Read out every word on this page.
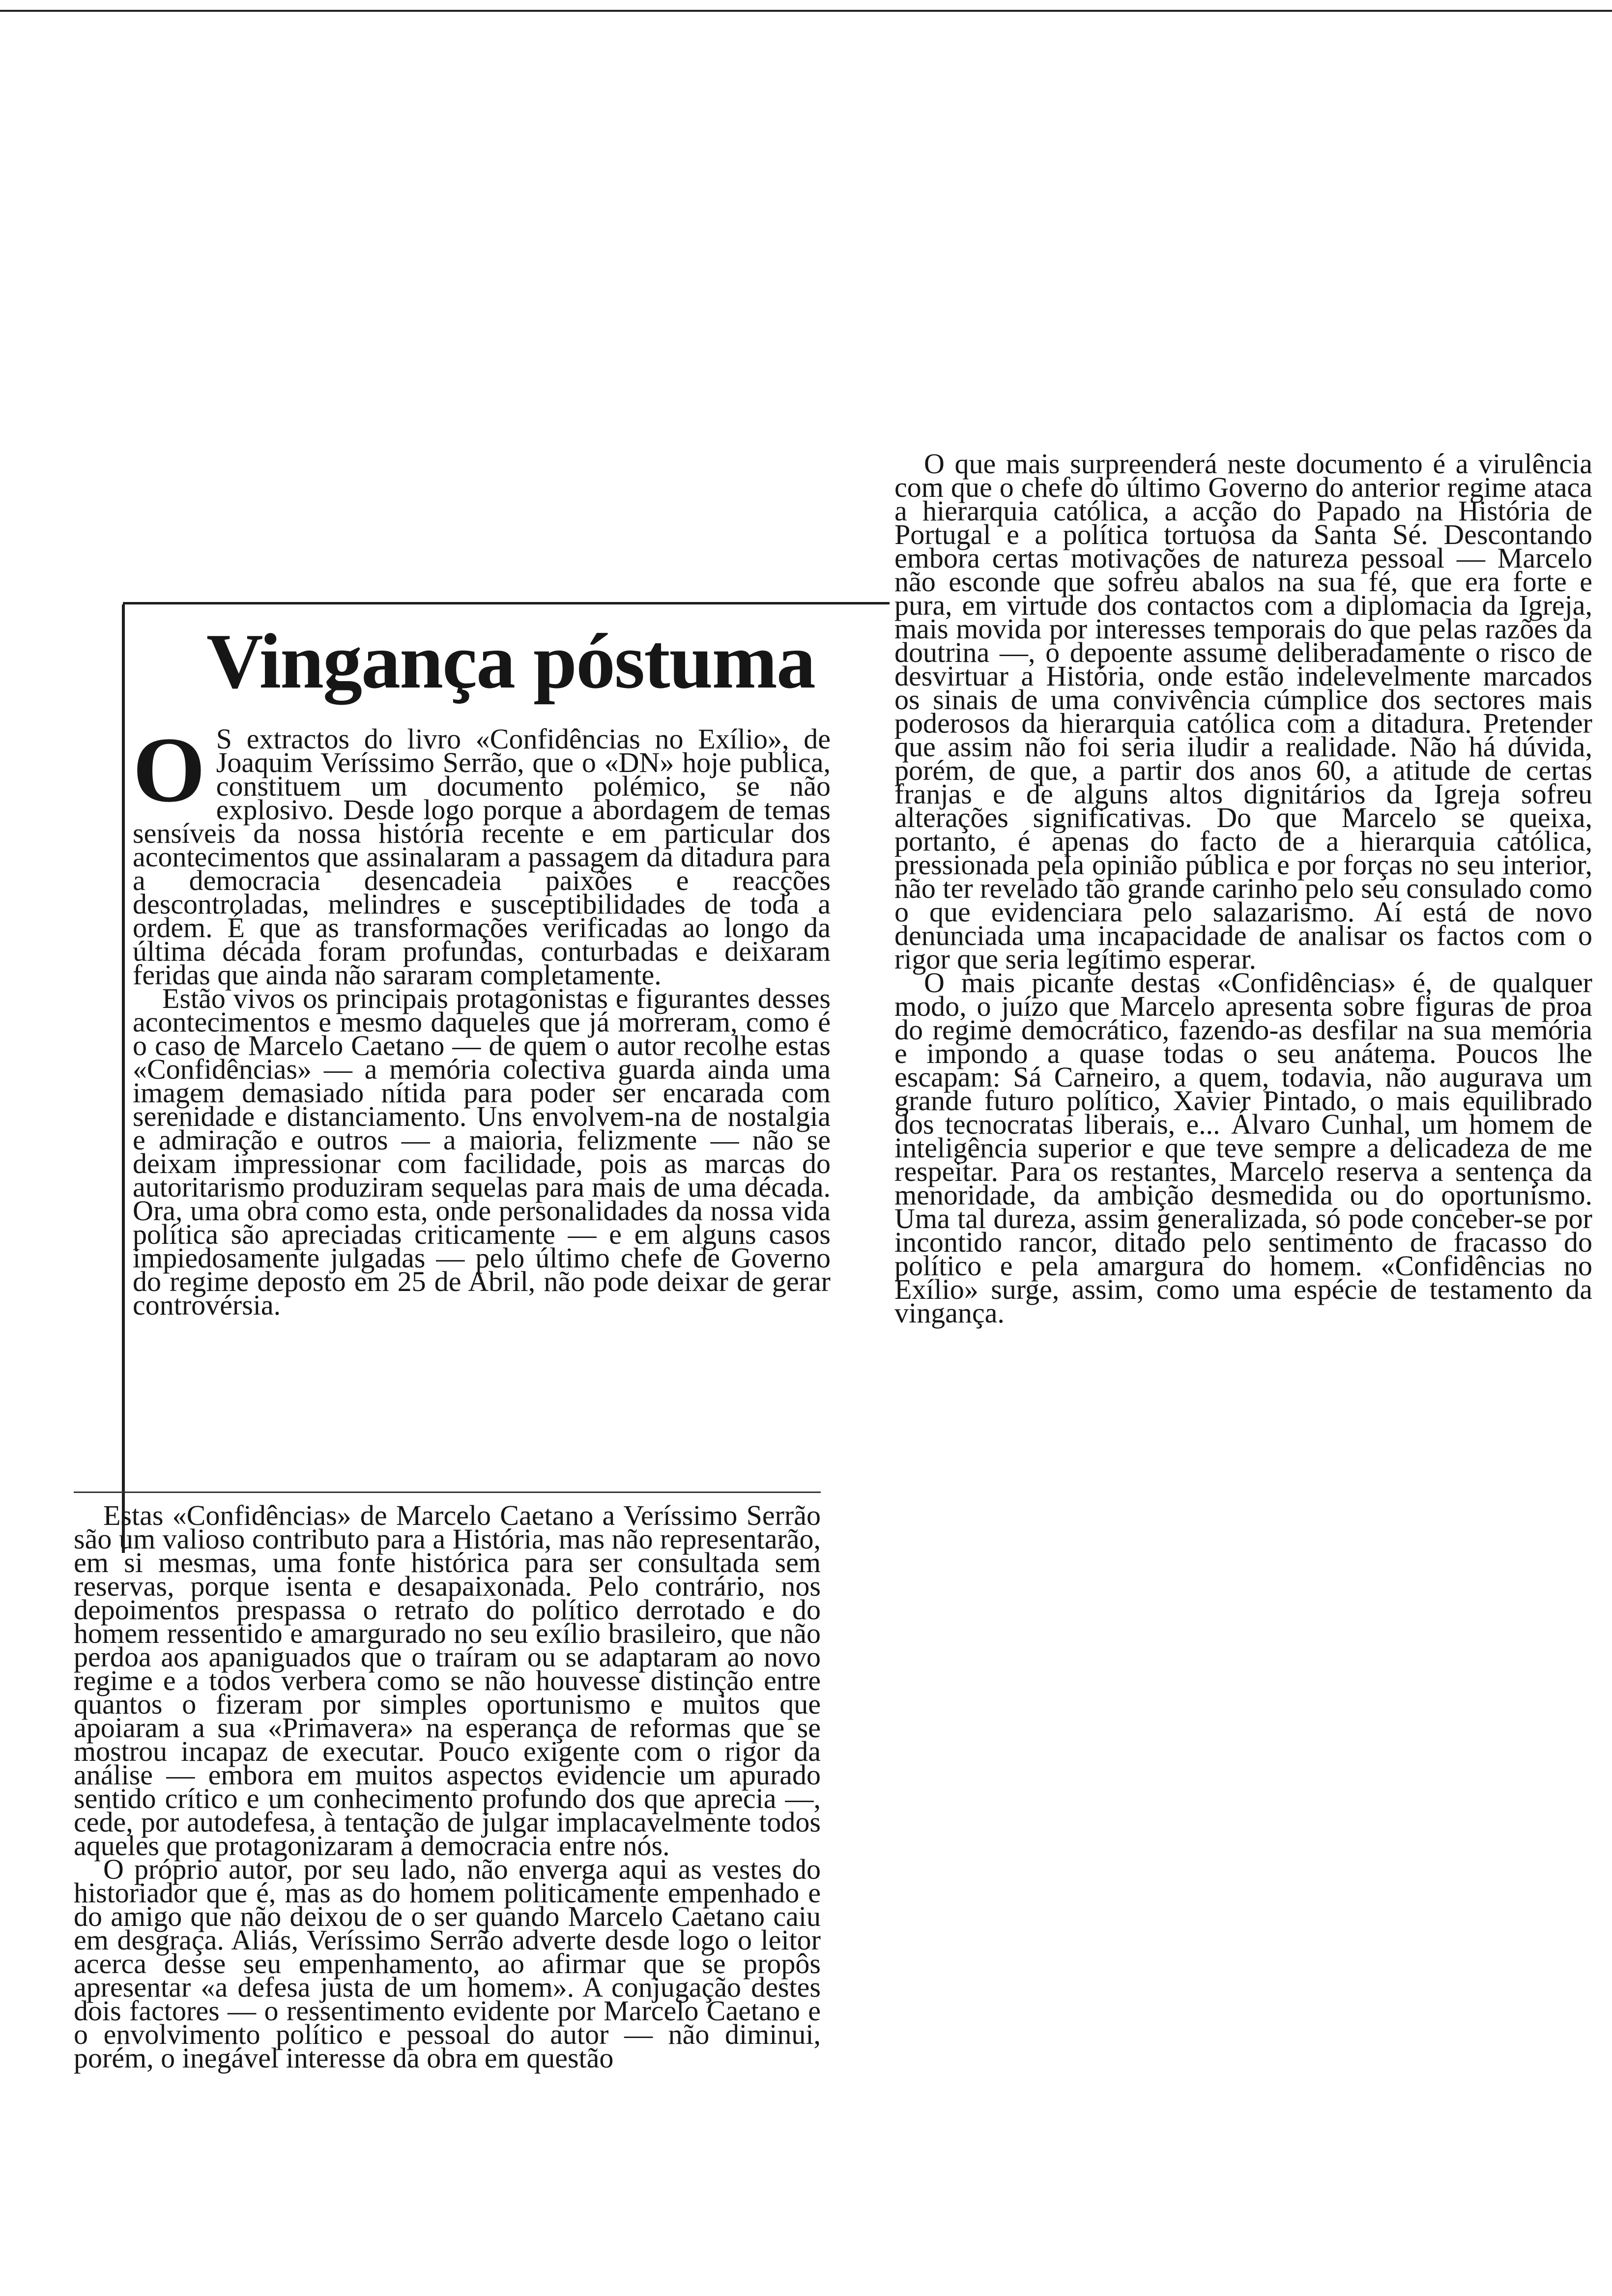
Vingança póstuma

O S extractos do livro «Confidências no Exílio», de Joaquim Veríssimo Serrão, que o «DN» hoje publica, constituem um documento polémico, se não explosivo. Desde logo porque a abordagem de temas sensíveis da nossa história recente e em particular dos acontecimentos que assinalaram a passagem da ditadura para a democracia desencadeia paixões e reacções descontroladas, melindres e susceptibilidades de toda a ordem. É que as transformações verificadas ao longo da última década foram profundas, conturbadas e deixaram feridas que ainda não sararam completamente.

Estão vivos os principais protagonistas e figurantes desses acontecimentos e mesmo daqueles que já morreram, como é o caso de Marcelo Caetano — de quem o autor recolhe estas «Confidências» — a memória colectiva guarda ainda uma imagem demasiado nítida para poder ser encarada com serenidade e distanciamento. Uns envolvem-na de nostalgia e admiração e outros — a maioria, felizmente — não se deixam impressionar com facilidade, pois as marcas do autoritarismo produziram sequelas para mais de uma década. Ora, uma obra como esta, onde personalidades da nossa vida política são apreciadas criticamente — e em alguns casos impiedosamente julgadas — pelo último chefe de Governo do regime deposto em 25 de Abril, não pode deixar de gerar controvérsia.

Estas «Confidências» de Marcelo Caetano a Veríssimo Serrão são um valioso contributo para a História, mas não representarão, em si mesmas, uma fonte histórica para ser consultada sem reservas, porque isenta e desapaixonada. Pelo contrário, nos depoimentos prespassa o retrato do político derrotado e do homem ressentido e amargurado no seu exílio brasileiro, que não perdoa aos apaniguados que o traíram ou se adaptaram ao novo regime e a todos verbera como se não houvesse distinção entre quantos o fizeram por simples oportunismo e muitos que apoiaram a sua «Primavera» na esperança de reformas que se mostrou incapaz de executar. Pouco exigente com o rigor da análise — embora em muitos aspectos evidencie um apurado sentido crítico e um conhecimento profundo dos que aprecia —, cede, por autodefesa, à tentação de julgar implacavelmente todos aqueles que protagonizaram a democracia entre nós.

O próprio autor, por seu lado, não enverga aqui as vestes do historiador que é, mas as do homem politicamente empenhado e do amigo que não deixou de o ser quando Marcelo Caetano caiu em desgraça. Aliás, Veríssimo Serrão adverte desde logo o leitor acerca desse seu empenhamento, ao afirmar que se propôs apresentar «a defesa justa de um homem». A conjugação destes dois factores — o ressentimento evidente por Marcelo Caetano e o envolvimento político e pessoal do autor — não diminui, porém, o inegável interesse da obra em questão

O que mais surpreenderá neste documento é a virulência com que o chefe do último Governo do anterior regime ataca a hierarquia católica, a acção do Papado na História de Portugal e a política tortuosa da Santa Sé. Descontando embora certas motivações de natureza pessoal — Marcelo não esconde que sofreu abalos na sua fé, que era forte e pura, em virtude dos contactos com a diplomacia da Igreja, mais movida por interesses temporais do que pelas razões da doutrina —, o depoente assume deliberadamente o risco de desvirtuar a História, onde estão indelevelmente marcados os sinais de uma convivência cúmplice dos sectores mais poderosos da hierarquia católica com a ditadura. Pretender que assim não foi seria iludir a realidade. Não há dúvida, porém, de que, a partir dos anos 60, a atitude de certas franjas e de alguns altos dignitários da Igreja sofreu alterações significativas. Do que Marcelo se queixa, portanto, é apenas do facto de a hierarquia católica, pressionada pela opinião pública e por forças no seu interior, não ter revelado tão grande carinho pelo seu consulado como o que evidenciara pelo salazarismo. Aí está de novo denunciada uma incapacidade de analisar os factos com o rigor que seria legítimo esperar.

O mais picante destas «Confidências» é, de qualquer modo, o juízo que Marcelo apresenta sobre figuras de proa do regime democrático, fazendo-as desfilar na sua memória e impondo a quase todas o seu anátema. Poucos lhe escapam: Sá Carneiro, a quem, todavia, não augurava um grande futuro político, Xavier Pintado, o mais equilibrado dos tecnocratas liberais, e... Álvaro Cunhal, um homem de inteligência superior e que teve sempre a delicadeza de me respeitar. Para os restantes, Marcelo reserva a sentença da menoridade, da ambição desmedida ou do oportunismo. Uma tal dureza, assim generalizada, só pode conceber-se por incontido rancor, ditado pelo sentimento de fracasso do político e pela amargura do homem. «Confidências no Exílio» surge, assim, como uma espécie de testamento da vingança.
